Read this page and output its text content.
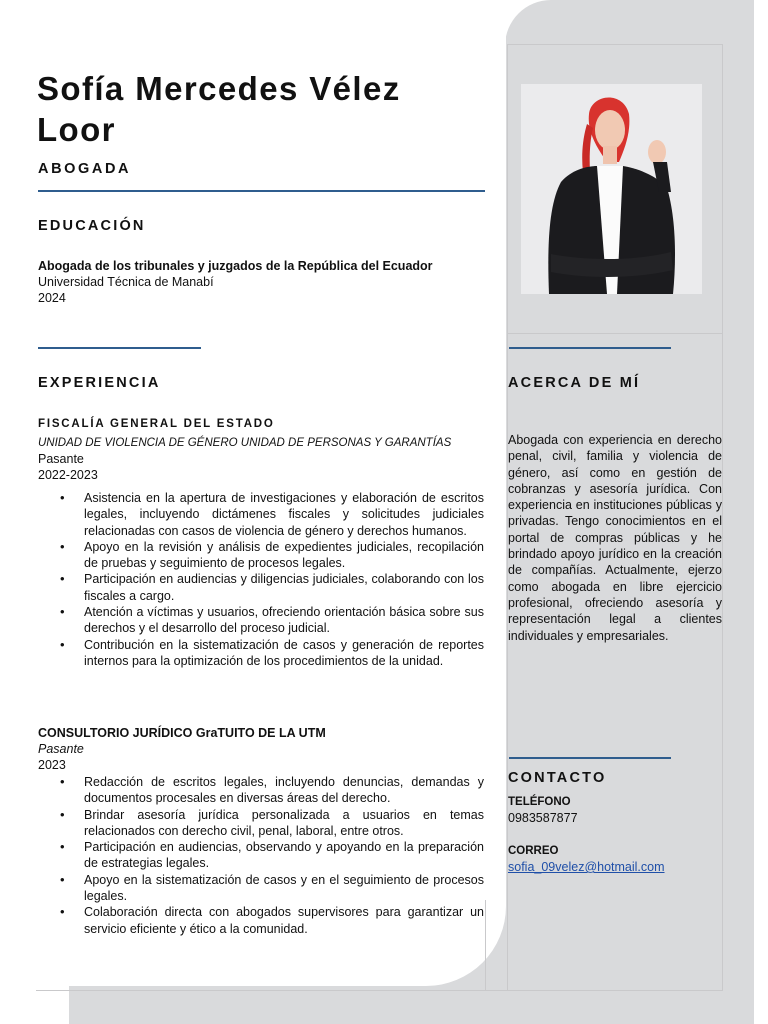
Sofía Mercedes Vélez Loor
ABOGADA
EDUCACIÓN
Abogada de los tribunales y juzgados de la República del Ecuador
Universidad Técnica de Manabí
2024
EXPERIENCIA
FISCALÍA GENERAL DEL ESTADO
UNIDAD DE VIOLENCIA DE GÉNERO UNIDAD DE PERSONAS Y GARANTÍAS
Pasante
2022-2023
• Asistencia en la apertura de investigaciones y elaboración de escritos legales, incluyendo dictámenes fiscales y solicitudes judiciales relacionadas con casos de violencia de género y derechos humanos.
• Apoyo en la revisión y análisis de expedientes judiciales, recopilación de pruebas y seguimiento de procesos legales.
• Participación en audiencias y diligencias judiciales, colaborando con los fiscales a cargo.
• Atención a víctimas y usuarios, ofreciendo orientación básica sobre sus derechos y el desarrollo del proceso judicial.
• Contribución en la sistematización de casos y generación de reportes internos para la optimización de los procedimientos de la unidad.
CONSULTORIO JURÍDICO GraTUITO DE LA UTM
Pasante
2023
• Redacción de escritos legales, incluyendo denuncias, demandas y documentos procesales en diversas áreas del derecho.
• Brindar asesoría jurídica personalizada a usuarios en temas relacionados con derecho civil, penal, laboral, entre otros.
• Participación en audiencias, observando y apoyando en la preparación de estrategias legales.
• Apoyo en la sistematización de casos y en el seguimiento de procesos legales.
• Colaboración directa con abogados supervisores para garantizar un servicio eficiente y ético a la comunidad.
ACERCA DE MÍ
Abogada con experiencia en derecho penal, civil, familia y violencia de género, así como en gestión de cobranzas y asesoría jurídica. Con experiencia en instituciones públicas y privadas. Tengo conocimientos en el portal de compras públicas y he brindado apoyo jurídico en la creación de compañías. Actualmente, ejerzo como abogada en libre ejercicio profesional, ofreciendo asesoría y representación legal a clientes individuales y empresariales.
CONTACTO
TELÉFONO
0983587877
CORREO
sofia_09velez@hotmail.com
